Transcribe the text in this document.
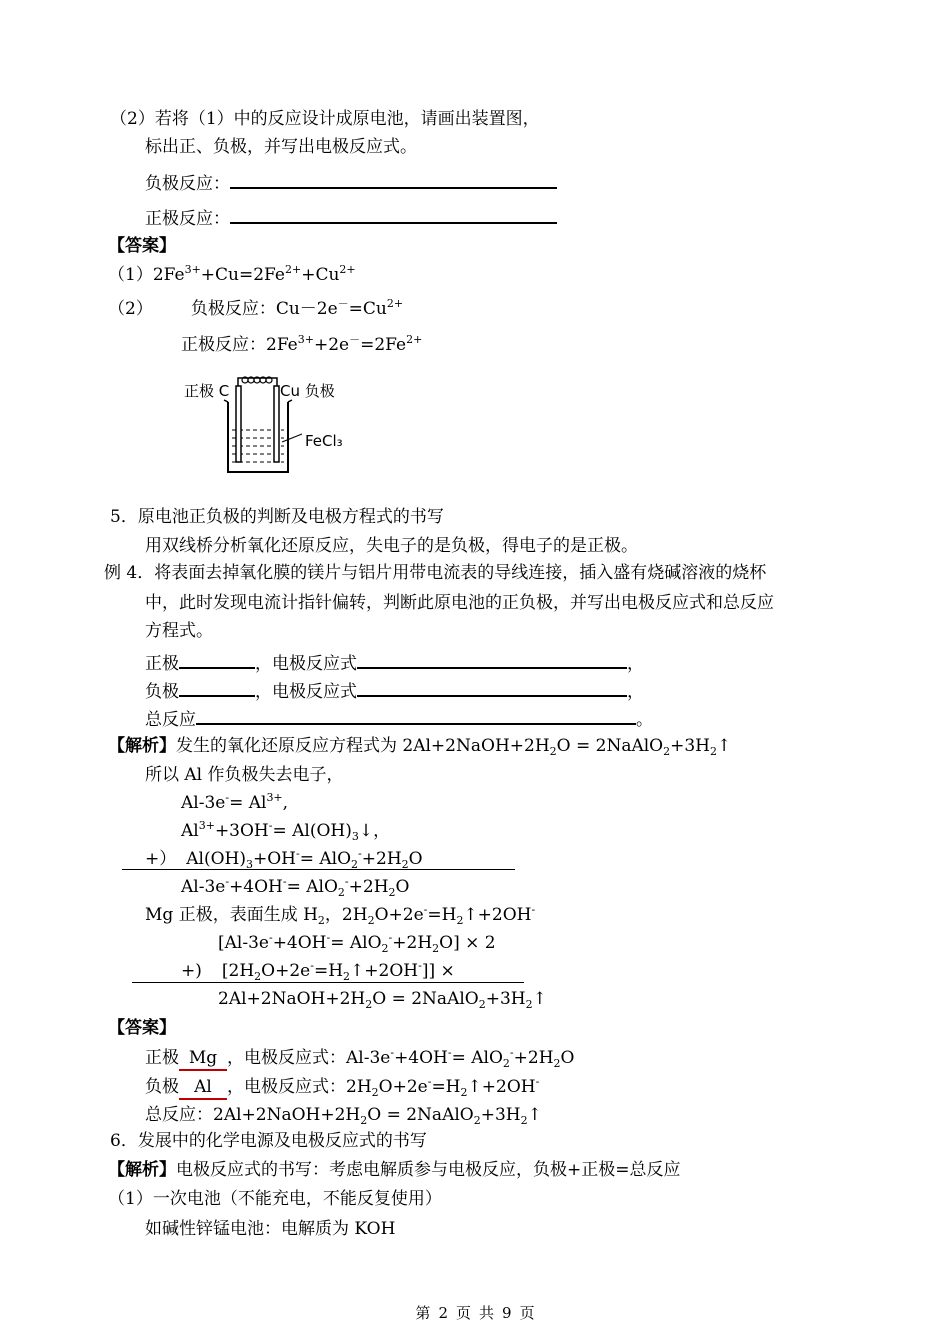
（2）若将（1）中的反应设计成原电池，请画出装置图，
标出正、负极，并写出电极反应式。
负极反应：
正极反应：
【答案】
$(1)2Fe^{3+}+Cu=2Fe^{2+}+Cu^{2+}$
（2） 负极反应：$Cu-2e^-=Cu^{2+}$
正极反应：$2Fe^{3+}+2e^-=2Fe^{2+}$
正极 C	Cu 负极
FeCl₃
5．原电池正负极的判断及电极方程式的书写
用双线桥分析氧化还原反应，失电子的是负极，得电子的是正极。
例 4．将表面去掉氧化膜的镁片与铝片用带电流表的导线连接，插入盛有烧碱溶液的烧杯
中，此时发现电流计指针偏转，判断此原电池的正负极，并写出电极反应式和总反应
方程式。
正极	，电极反应式	，
负极	，电极反应式	，
总反应	。
【解析】发生的氧化还原反应方程式为 $2Al+2NaOH+2H_2O$ = $2NaAlO_2+3H_2↑$
所以 Al 作负极失去电子，
$Al-3e^-= Al^{3+}$,
$Al^{3+}+3OH^-=$ $Al(OH)_3↓$，
+） $Al(OH)_3+OH^-= AlO_2^-+2H_2O$
$Al-3e^-+4OH^-= AlO_2^-+2H_2O$
Mg 正极，表面生成 $H_2$，$2H_2O+2e^-=H_2↑+2OH^-$
$[Al-3e^-+4OH^-= AlO_2^-+2H_2O] \times 2$
+) $[2H_2O+2e^-=H_2↑+2OH^-]$] ×
$2Al+2NaOH+2H_2O$ = $2NaAlO_2+3H_2↑$
【答案】
正极 Mg ，电极反应式：$Al-3e^-+4OH^-= AlO_2^-+2H_2O$
负极 Al ，电极反应式：$2H_2O+2e^-=H_2↑+2OH^-$
总反应：$2Al+2NaOH+2H_2O$ = $2NaAlO_2+3H_2↑$
6．发展中的化学电源及电极反应式的书写
【解析】电极反应式的书写：考虑电解质参与电极反应，负极+正极=总反应
（1）一次电池（不能充电，不能反复使用）
如碱性锌锰电池：电解质为 KOH
第 2 页 共 9 页
